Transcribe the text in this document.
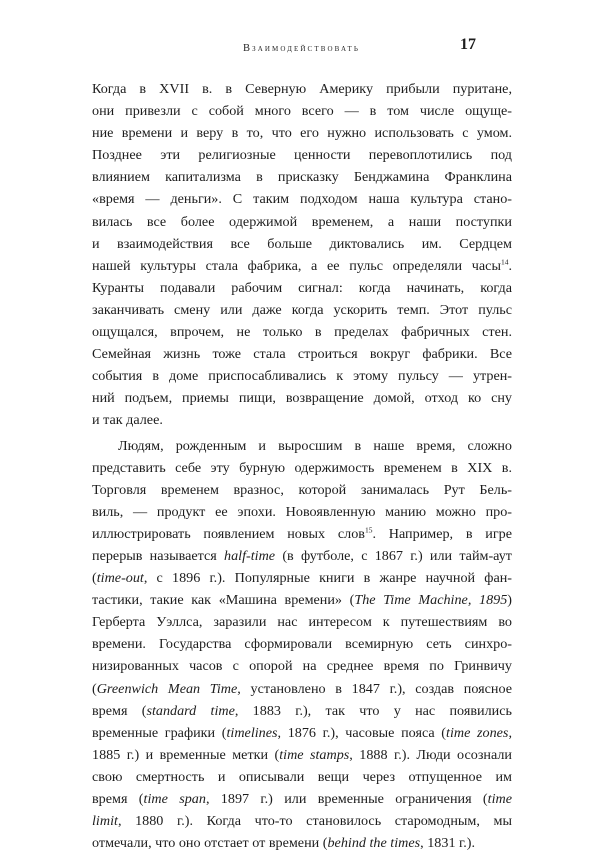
Взаимодействовать	17
Когда в XVII в. в Северную Америку прибыли пуритане,
они привезли с собой много всего — в том числе ощуще-
ние времени и веру в то, что его нужно использовать с умом.
Позднее эти религиозные ценности перевоплотились под
влиянием капитализма в присказку Бенджамина Франклина
«время — деньги». С таким подходом наша культура стано-
вилась все более одержимой временем, а наши поступки
и взаимодействия все больше диктовались им. Сердцем
нашей культуры стала фабрика, а ее пульс определяли часы$^{14}$.
Куранты подавали рабочим сигнал: когда начинать, когда
заканчивать смену или даже когда ускорить темп. Этот пульс
ощущался, впрочем, не только в пределах фабричных стен.
Семейная жизнь тоже стала строиться вокруг фабрики. Все
события в доме приспосабливались к этому пульсу — утрен-
ний подъем, приемы пищи, возвращение домой, отход ко сну
и так далее.
Людям, рожденным и выросшим в наше время, сложно
представить себе эту бурную одержимость временем в XIX в.
Торговля временем вразнос, которой занималась Рут Бель-
виль, — продукт ее эпохи. Новоявленную манию можно про-
иллюстрировать появлением новых слов$^{15}$. Например, в игре
перерыв называется half-time (в футболе, с 1867 г.) или тайм-аут
(time-out, с 1896 г.). Популярные книги в жанре научной фан-
тастики, такие как «Машина времени» (The Time Machine, 1895)
Герберта Уэллса, заразили нас интересом к путешествиям во
времени. Государства сформировали всемирную сеть синхро-
низированных часов с опорой на среднее время по Гринвичу
(Greenwich Mean Time, установлено в 1847 г.), создав поясное
время (standard time, 1883 г.), так что у нас появились
временные графики (timelines, 1876 г.), часовые пояса (time zones,
1885 г.) и временные метки (time stamps, 1888 г.). Люди осознали
свою смертность и описывали вещи через отпущенное им
время (time span, 1897 г.) или временные ограничения (time
limit, 1880 г.). Когда что-то становилось старомодным, мы
отмечали, что оно отстает от времени (behind the times, 1831 г.).
